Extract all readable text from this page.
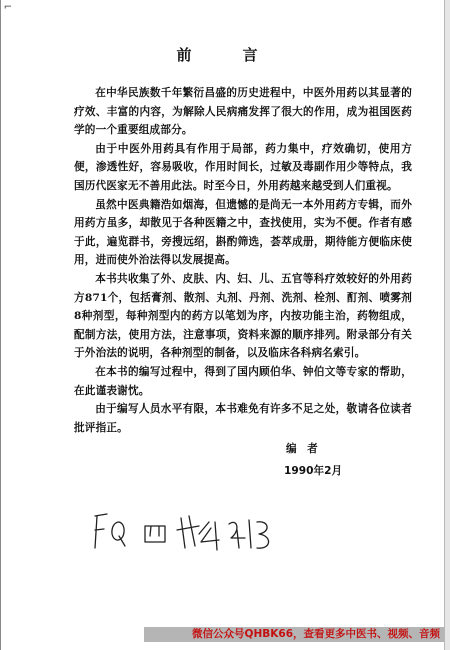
⌐
前　言

在中华民族数千年繁衍昌盛的历史进程中，中医外用药以其显著的疗效、丰富的内容，为解除人民病痛发挥了很大的作用，成为祖国医药学的一个重要组成部分。

由于中医外用药具有作用于局部，药力集中，疗效确切，使用方便，渗透性好，容易吸收，作用时间长，过敏及毒副作用少等特点，我国历代医家无不善用此法。时至今日，外用药越来越受到人们重视。

虽然中医典籍浩如烟海，但遗憾的是尚无一本外用药方专辑，而外用药方虽多，却散见于各种医籍之中，查找使用，实为不便。作者有感于此，遍览群书，旁搜远绍，斟酌筛选，荟萃成册，期待能方便临床使用，进而使外治法得以发展提高。

本书共收集了外、皮肤、内、妇、儿、五官等科疗效较好的外用药方871个，包括膏剂、散剂、丸剂、丹剂、洗剂、栓剂、酊剂、喷雾剂8种剂型，每种剂型内的药方以笔划为序，内按功能主治，药物组成，配制方法，使用方法，注意事项，资料来源的顺序排列。附录部分有关于外治法的说明，各种剂型的制备，以及临床各科病名索引。

在本书的编写过程中，得到了国内顾伯华、钟伯文等专家的帮助，在此谨表谢忱。

由于编写人员水平有限，本书难免有许多不足之处，敬请各位读者批评指正。

编　者
1990年2月
微信公众号QHBK66，查看更多中医书、视频、音频
